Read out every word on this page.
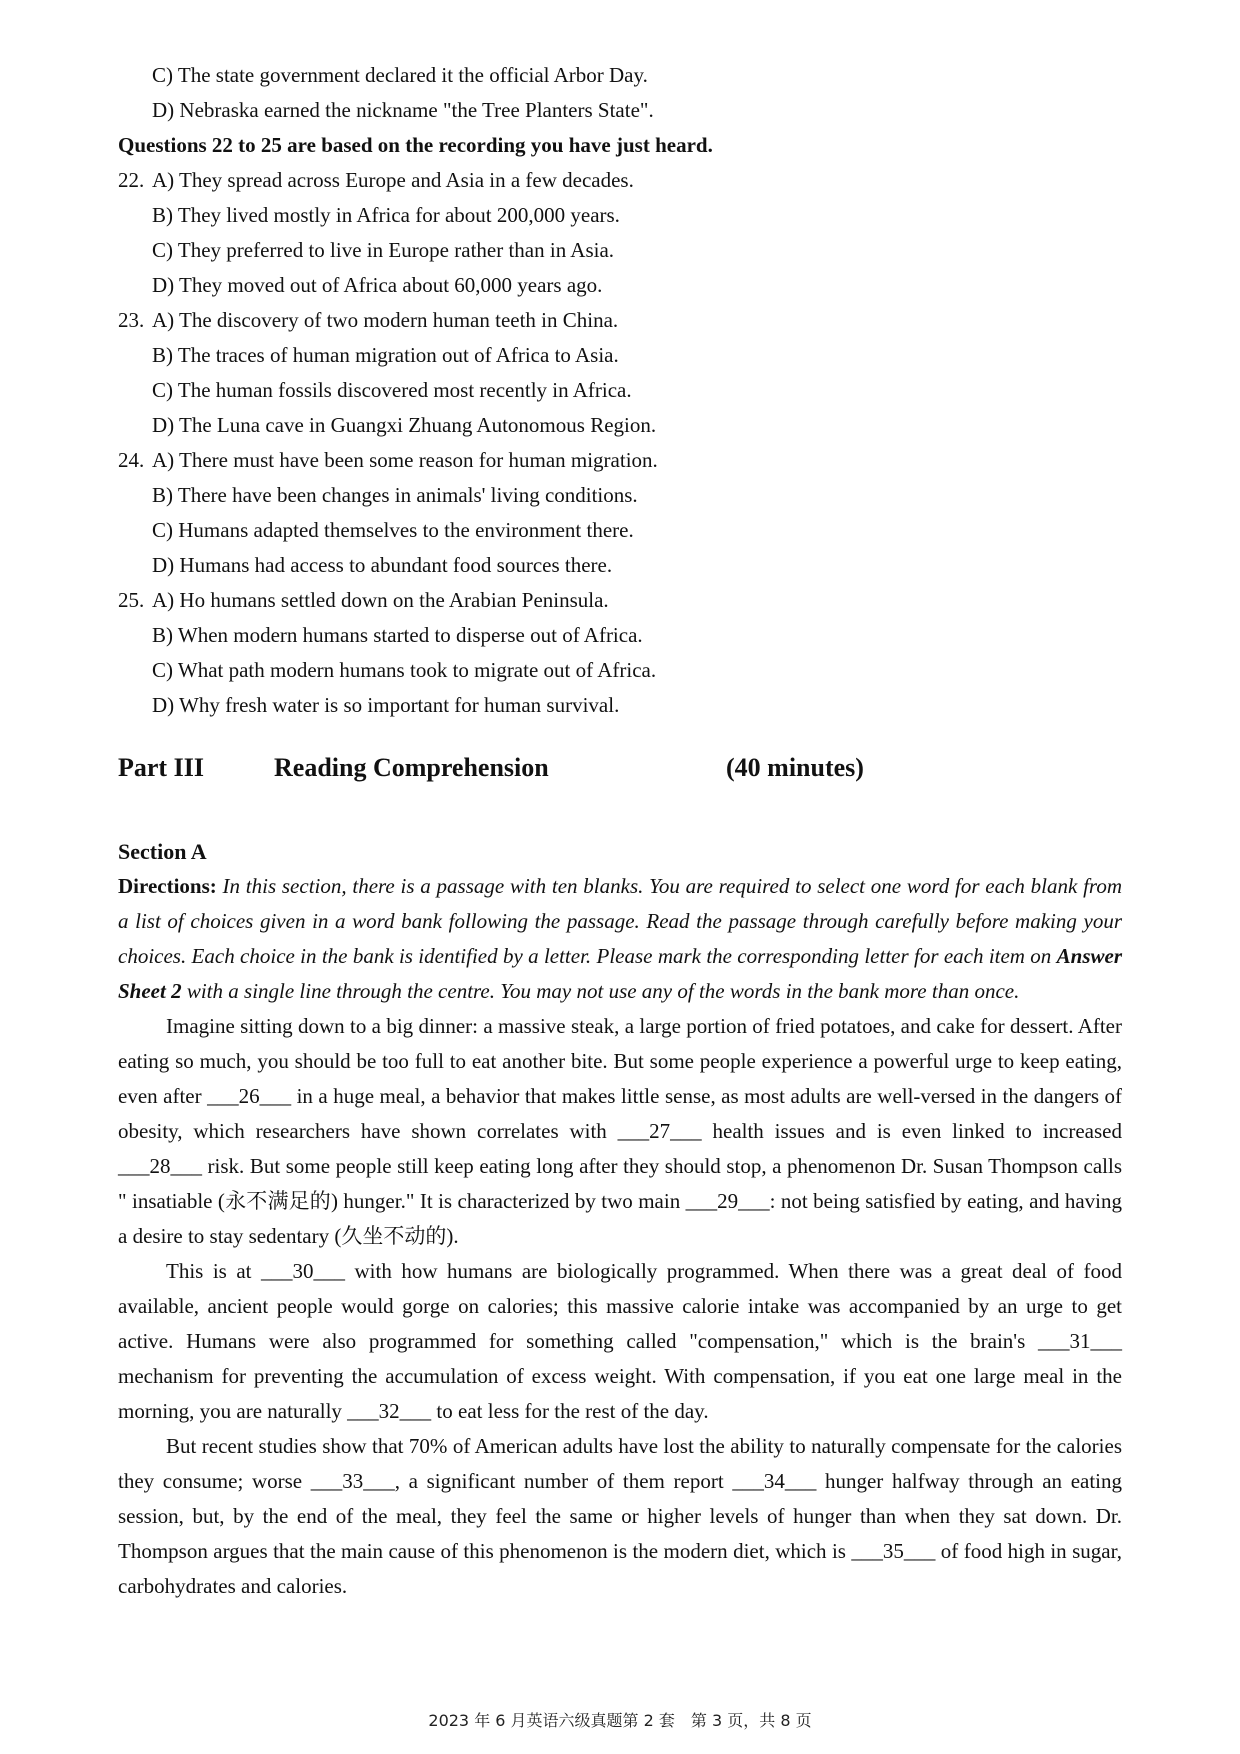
C) The state government declared it the official Arbor Day.
D) Nebraska earned the nickname "the Tree Planters State".
Questions 22 to 25 are based on the recording you have just heard.
22. A) They spread across Europe and Asia in a few decades.
B) They lived mostly in Africa for about 200,000 years.
C) They preferred to live in Europe rather than in Asia.
D) They moved out of Africa about 60,000 years ago.
23. A) The discovery of two modern human teeth in China.
B) The traces of human migration out of Africa to Asia.
C) The human fossils discovered most recently in Africa.
D) The Luna cave in Guangxi Zhuang Autonomous Region.
24. A) There must have been some reason for human migration.
B) There have been changes in animals' living conditions.
C) Humans adapted themselves to the environment there.
D) Humans had access to abundant food sources there.
25. A) Ho humans settled down on the Arabian Peninsula.
B) When modern humans started to disperse out of Africa.
C) What path modern humans took to migrate out of Africa.
D) Why fresh water is so important for human survival.
Part III	Reading Comprehension	(40 minutes)
Section A
Directions: In this section, there is a passage with ten blanks. You are required to select one word for each blank from a list of choices given in a word bank following the passage. Read the passage through carefully before making your choices. Each choice in the bank is identified by a letter. Please mark the corresponding letter for each item on Answer Sheet 2 with a single line through the centre. You may not use any of the words in the bank more than once.
Imagine sitting down to a big dinner: a massive steak, a large portion of fried potatoes, and cake for dessert. After eating so much, you should be too full to eat another bite. But some people experience a powerful urge to keep eating, even after ___26___ in a huge meal, a behavior that makes little sense, as most adults are well-versed in the dangers of obesity, which researchers have shown correlates with ___27___ health issues and is even linked to increased ___28___ risk. But some people still keep eating long after they should stop, a phenomenon Dr. Susan Thompson calls " insatiable (永不满足的) hunger." It is characterized by two main ___29___: not being satisfied by eating, and having a desire to stay sedentary (久坐不动的).
This is at ___30___ with how humans are biologically programmed. When there was a great deal of food available, ancient people would gorge on calories; this massive calorie intake was accompanied by an urge to get active. Humans were also programmed for something called "compensation," which is the brain's ___31___ mechanism for preventing the accumulation of excess weight. With compensation, if you eat one large meal in the morning, you are naturally ___32___ to eat less for the rest of the day.
But recent studies show that 70% of American adults have lost the ability to naturally compensate for the calories they consume; worse ___33___, a significant number of them report ___34___ hunger halfway through an eating session, but, by the end of the meal, they feel the same or higher levels of hunger than when they sat down. Dr. Thompson argues that the main cause of this phenomenon is the modern diet, which is ___35___ of food high in sugar, carbohydrates and calories.
2023 年 6 月英语六级真题第 2 套　第 3 页，共 8 页
